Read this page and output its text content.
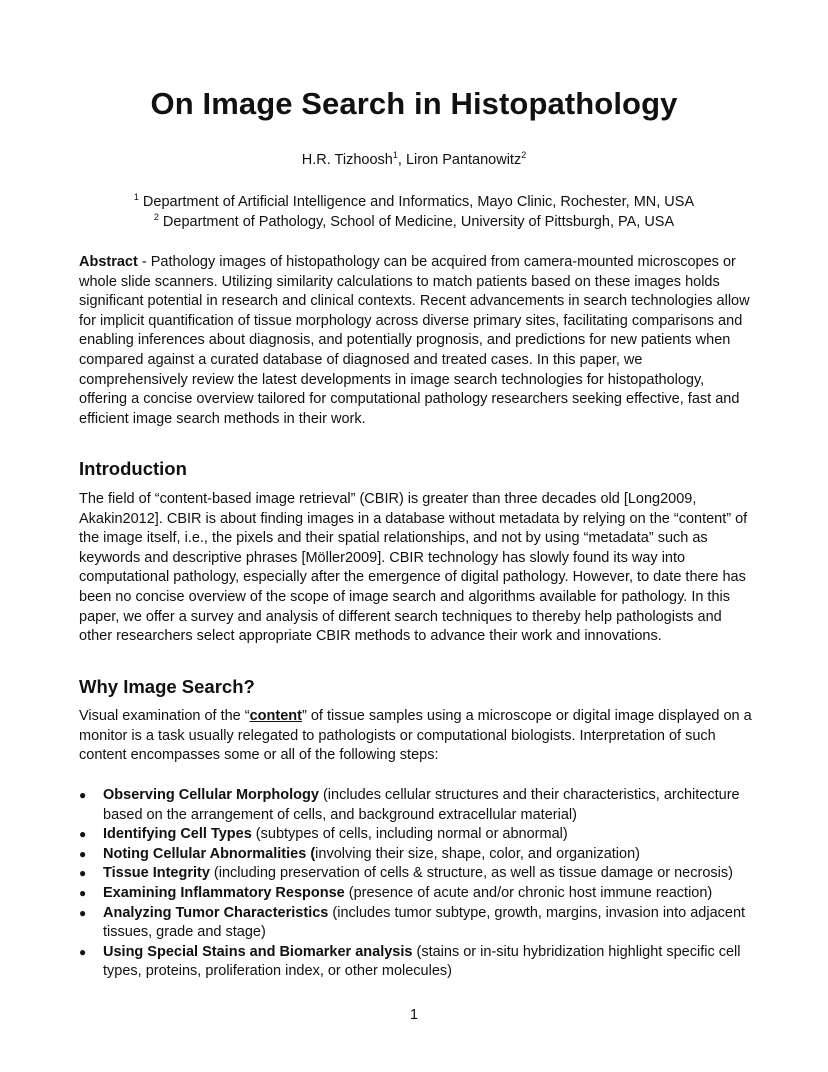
On Image Search in Histopathology

H.R. Tizhoosh$^1$, Liron Pantanowitz$^2$

$^1$ Department of Artificial Intelligence and Informatics, Mayo Clinic, Rochester, MN, USA

$^2$ Department of Pathology, School of Medicine, University of Pittsburgh, PA, USA

Abstract - Pathology images of histopathology can be acquired from camera-mounted microscopes or whole slide scanners. Utilizing similarity calculations to match patients based on these images holds significant potential in research and clinical contexts. Recent advancements in search technologies allow for implicit quantification of tissue morphology across diverse primary sites, facilitating comparisons and enabling inferences about diagnosis, and potentially prognosis, and predictions for new patients when compared against a curated database of diagnosed and treated cases. In this paper, we comprehensively review the latest developments in image search technologies for histopathology, offering a concise overview tailored for computational pathology researchers seeking effective, fast and efficient image search methods in their work.

Introduction

The field of “content-based image retrieval” (CBIR) is greater than three decades old [Long2009, Akakin2012]. CBIR is about finding images in a database without metadata by relying on the “content” of the image itself, i.e., the pixels and their spatial relationships, and not by using “metadata” such as keywords and descriptive phrases [Möller2009]. CBIR technology has slowly found its way into computational pathology, especially after the emergence of digital pathology. However, to date there has been no concise overview of the scope of image search and algorithms available for pathology. In this paper, we offer a survey and analysis of different search techniques to thereby help pathologists and other researchers select appropriate CBIR methods to advance their work and innovations.

Why Image Search?

Visual examination of the “content” of tissue samples using a microscope or digital image displayed on a monitor is a task usually relegated to pathologists or computational biologists. Interpretation of such content encompasses some or all of the following steps:

● Observing Cellular Morphology (includes cellular structures and their characteristics, architecture based on the arrangement of cells, and background extracellular material)
● Identifying Cell Types (subtypes of cells, including normal or abnormal)
● Noting Cellular Abnormalities (involving their size, shape, color, and organization)
● Tissue Integrity (including preservation of cells & structure, as well as tissue damage or necrosis)
● Examining Inflammatory Response (presence of acute and/or chronic host immune reaction)
● Analyzing Tumor Characteristics (includes tumor subtype, growth, margins, invasion into adjacent tissues, grade and stage)
● Using Special Stains and Biomarker analysis (stains or in-situ hybridization highlight specific cell types, proteins, proliferation index, or other molecules)

1
